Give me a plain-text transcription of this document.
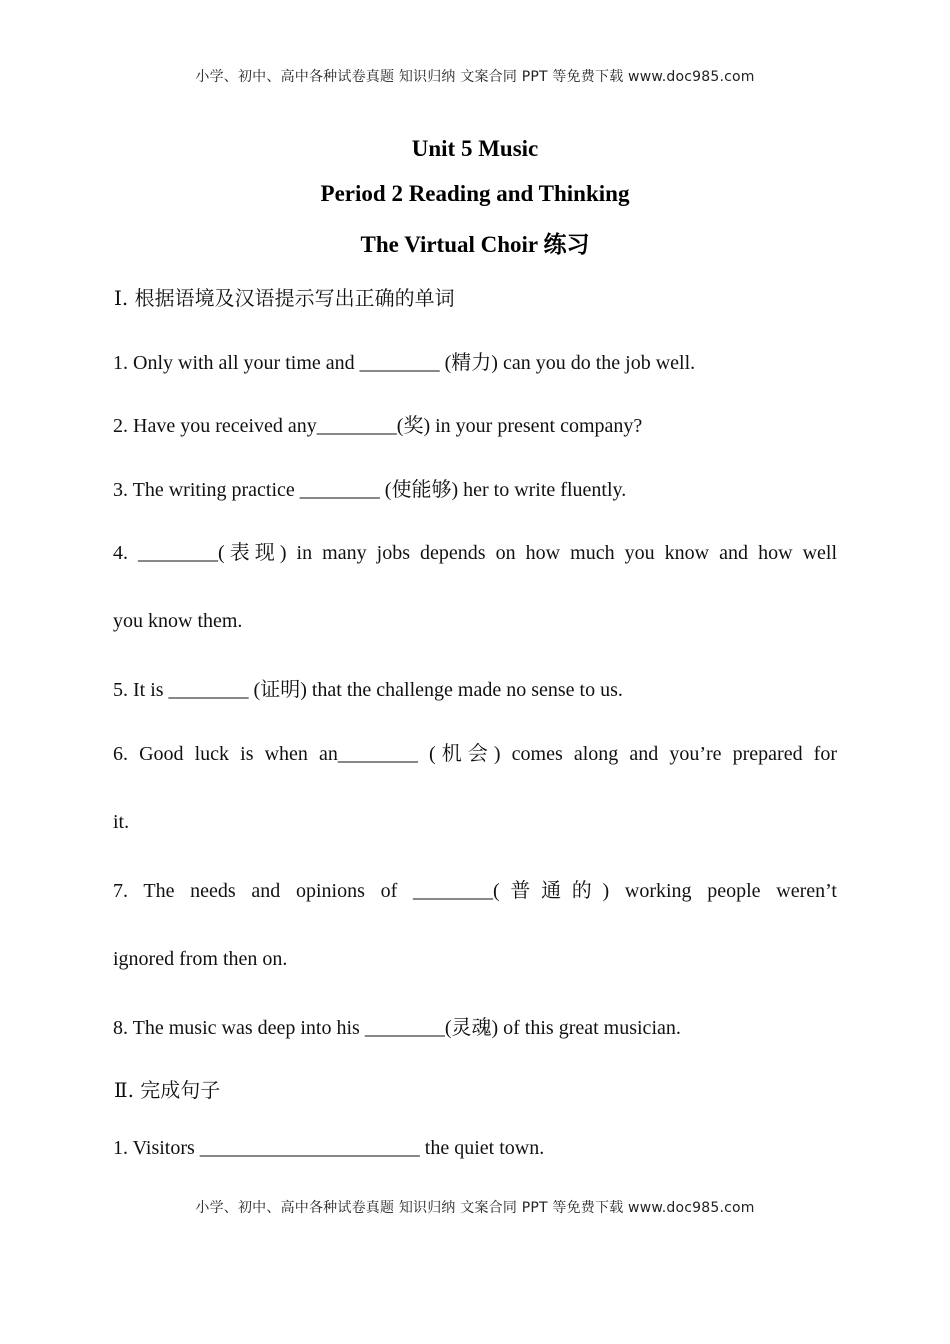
小学、初中、高中各种试卷真题 知识归纳 文案合同 PPT 等免费下载 www.doc985.com
Unit 5 Music
Period 2 Reading and Thinking
The Virtual Choir 练习
Ⅰ. 根据语境及汉语提示写出正确的单词
1. Only with all your time and ________ (精力) can you do the job well.
2. Have you received any________(奖) in your present company?
3. The writing practice ________ (使能够) her to write fluently.
4. ________(表现) in many jobs depends on how much you know and how well
you know them.
5. It is ________ (证明) that the challenge made no sense to us.
6. Good luck is when an________ (机会) comes along and you’re prepared for
it.
7. The needs and opinions of ________(普通的) working people weren’t
ignored from then on.
8. The music was deep into his ________(灵魂) of this great musician.
Ⅱ. 完成句子
1. Visitors ______________________ the quiet town.
小学、初中、高中各种试卷真题 知识归纳 文案合同 PPT 等免费下载 www.doc985.com
